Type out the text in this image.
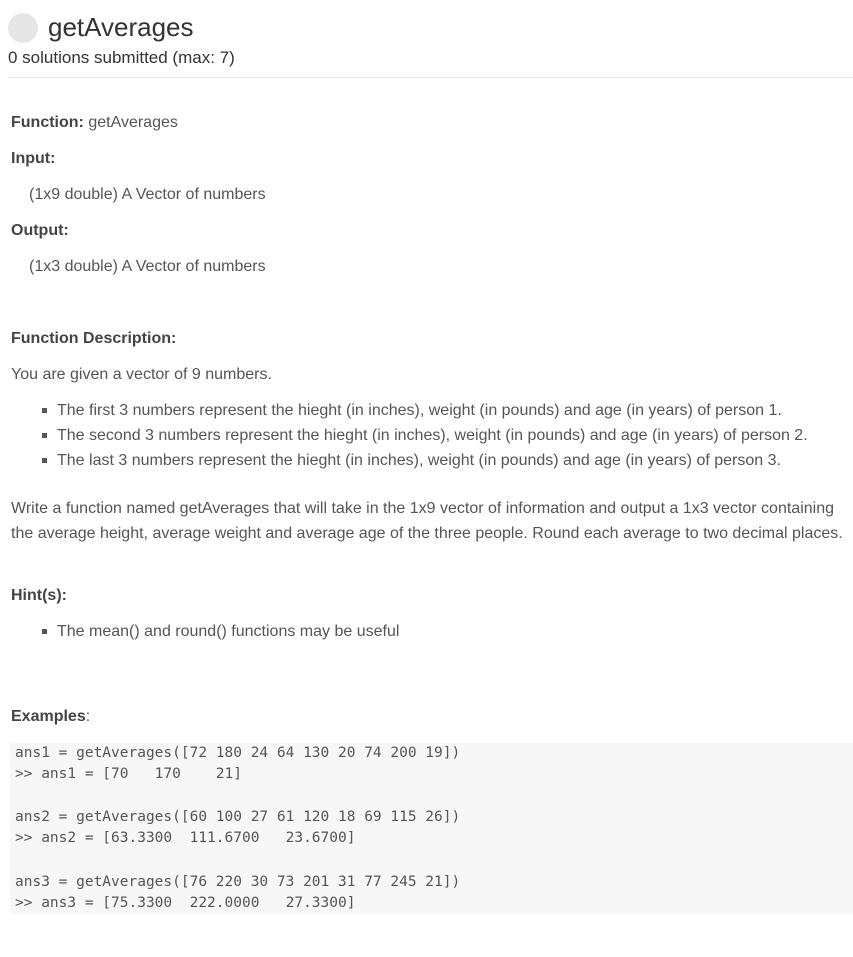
getAverages
0 solutions submitted (max: 7)
Function: getAverages
Input:
(1x9 double) A Vector of numbers
Output:
(1x3 double) A Vector of numbers
Function Description:
You are given a vector of 9 numbers.
The first 3 numbers represent the hieght (in inches), weight (in pounds) and age (in years) of person 1.
The second 3 numbers represent the hieght (in inches), weight (in pounds) and age (in years) of person 2.
The last 3 numbers represent the hieght (in inches), weight (in pounds) and age (in years) of person 3.
Write a function named getAverages that will take in the 1x9 vector of information and output a 1x3 vector containing the average height, average weight and average age of the three people. Round each average to two decimal places.
Hint(s):
The mean() and round() functions may be useful
Examples:
ans1 = getAverages([72 180 24 64 130 20 74 200 19])
>> ans1 = [70   170    21]
ans2 = getAverages([60 100 27 61 120 18 69 115 26])
>> ans2 = [63.3300  111.6700   23.6700]
ans3 = getAverages([76 220 30 73 201 31 77 245 21])
>> ans3 = [75.3300  222.0000   27.3300]
